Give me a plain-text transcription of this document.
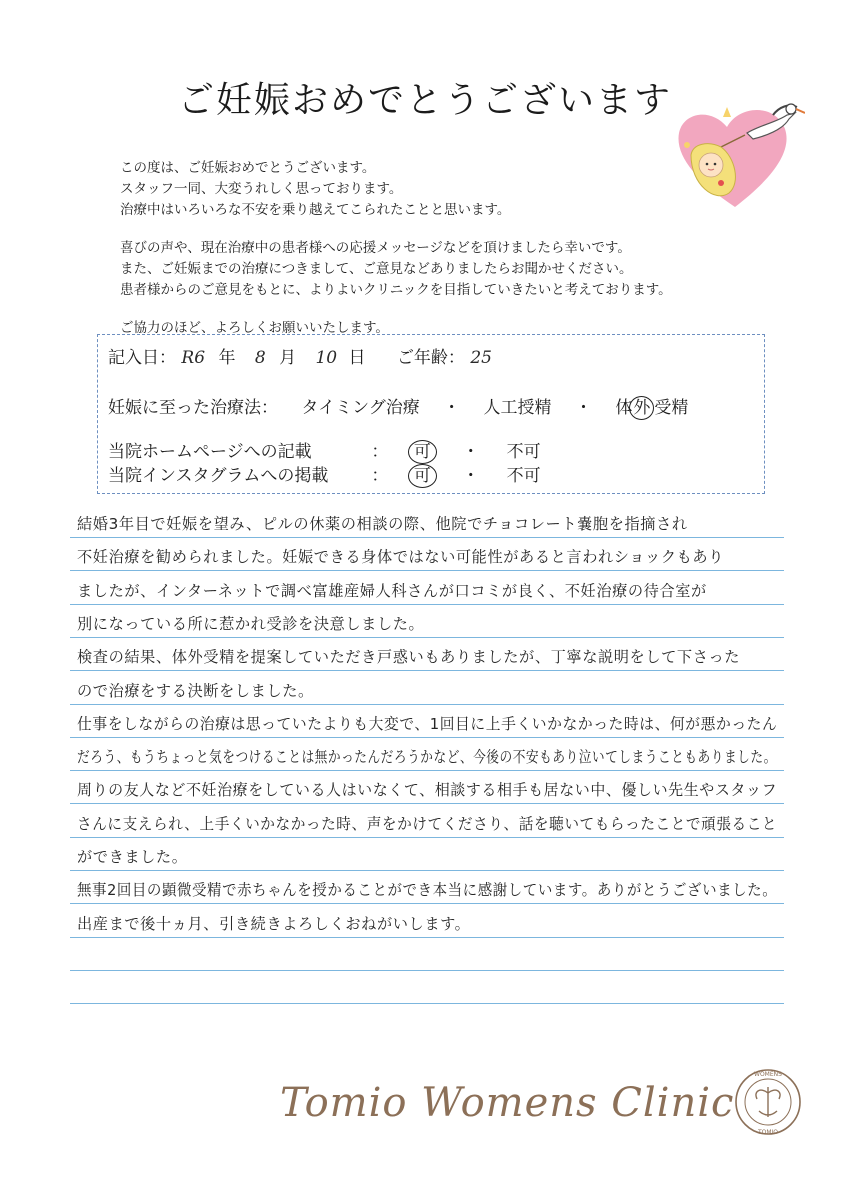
ご妊娠おめでとうございます

この度は、ご妊娠おめでとうございます。

スタッフ一同、大変うれしく思っております。

治療中はいろいろな不安を乗り越えてこられたことと思います。

喜びの声や、現在治療中の患者様への応援メッセージなどを頂けましたら幸いです。

また、ご妊娠までの治療につきまして、ご意見などありましたらお聞かせください。

患者様からのご意見をもとに、よりよいクリニックを目指していきたいと考えております。

ご協力のほど、よろしくお願いいたします。

記入日： R6 年 8 月 10 日 ご年齢： 25
妊娠に至った治療法： タイミング治療 ・ 人工授精 ・ 体外 受精
当院ホームページへの記載	： 可 ・ 不可
当院インスタグラムへの掲載	： 可 ・ 不可
結婚3年目で妊娠を望み、ピルの休薬の相談の際、他院でチョコレート嚢胞を指摘され
不妊治療を勧められました。妊娠できる身体ではない可能性があると言われショックもあり
ましたが、インターネットで調べ富雄産婦人科さんが口コミが良く、不妊治療の待合室が
別になっている所に惹かれ受診を決意しました。
検査の結果、体外受精を提案していただき戸惑いもありましたが、丁寧な説明をして下さった
ので治療をする決断をしました。
仕事をしながらの治療は思っていたよりも大変で、1回目に上手くいかなかった時は、何が悪かったん
だろう、もうちょっと気をつけることは無かったんだろうかなど、今後の不安もあり泣いてしまうこともありました。
周りの友人など不妊治療をしている人はいなくて、相談する相手も居ない中、優しい先生やスタッフ
さんに支えられ、上手くいかなかった時、声をかけてくださり、話を聴いてもらったことで頑張ること
ができました。
無事2回目の顕微受精で赤ちゃんを授かることができ本当に感謝しています。ありがとうございました。
出産まで後十ヵ月、引き続きよろしくおねがいします。
Tomio Womens Clinic
WOMENS
TOMIO
